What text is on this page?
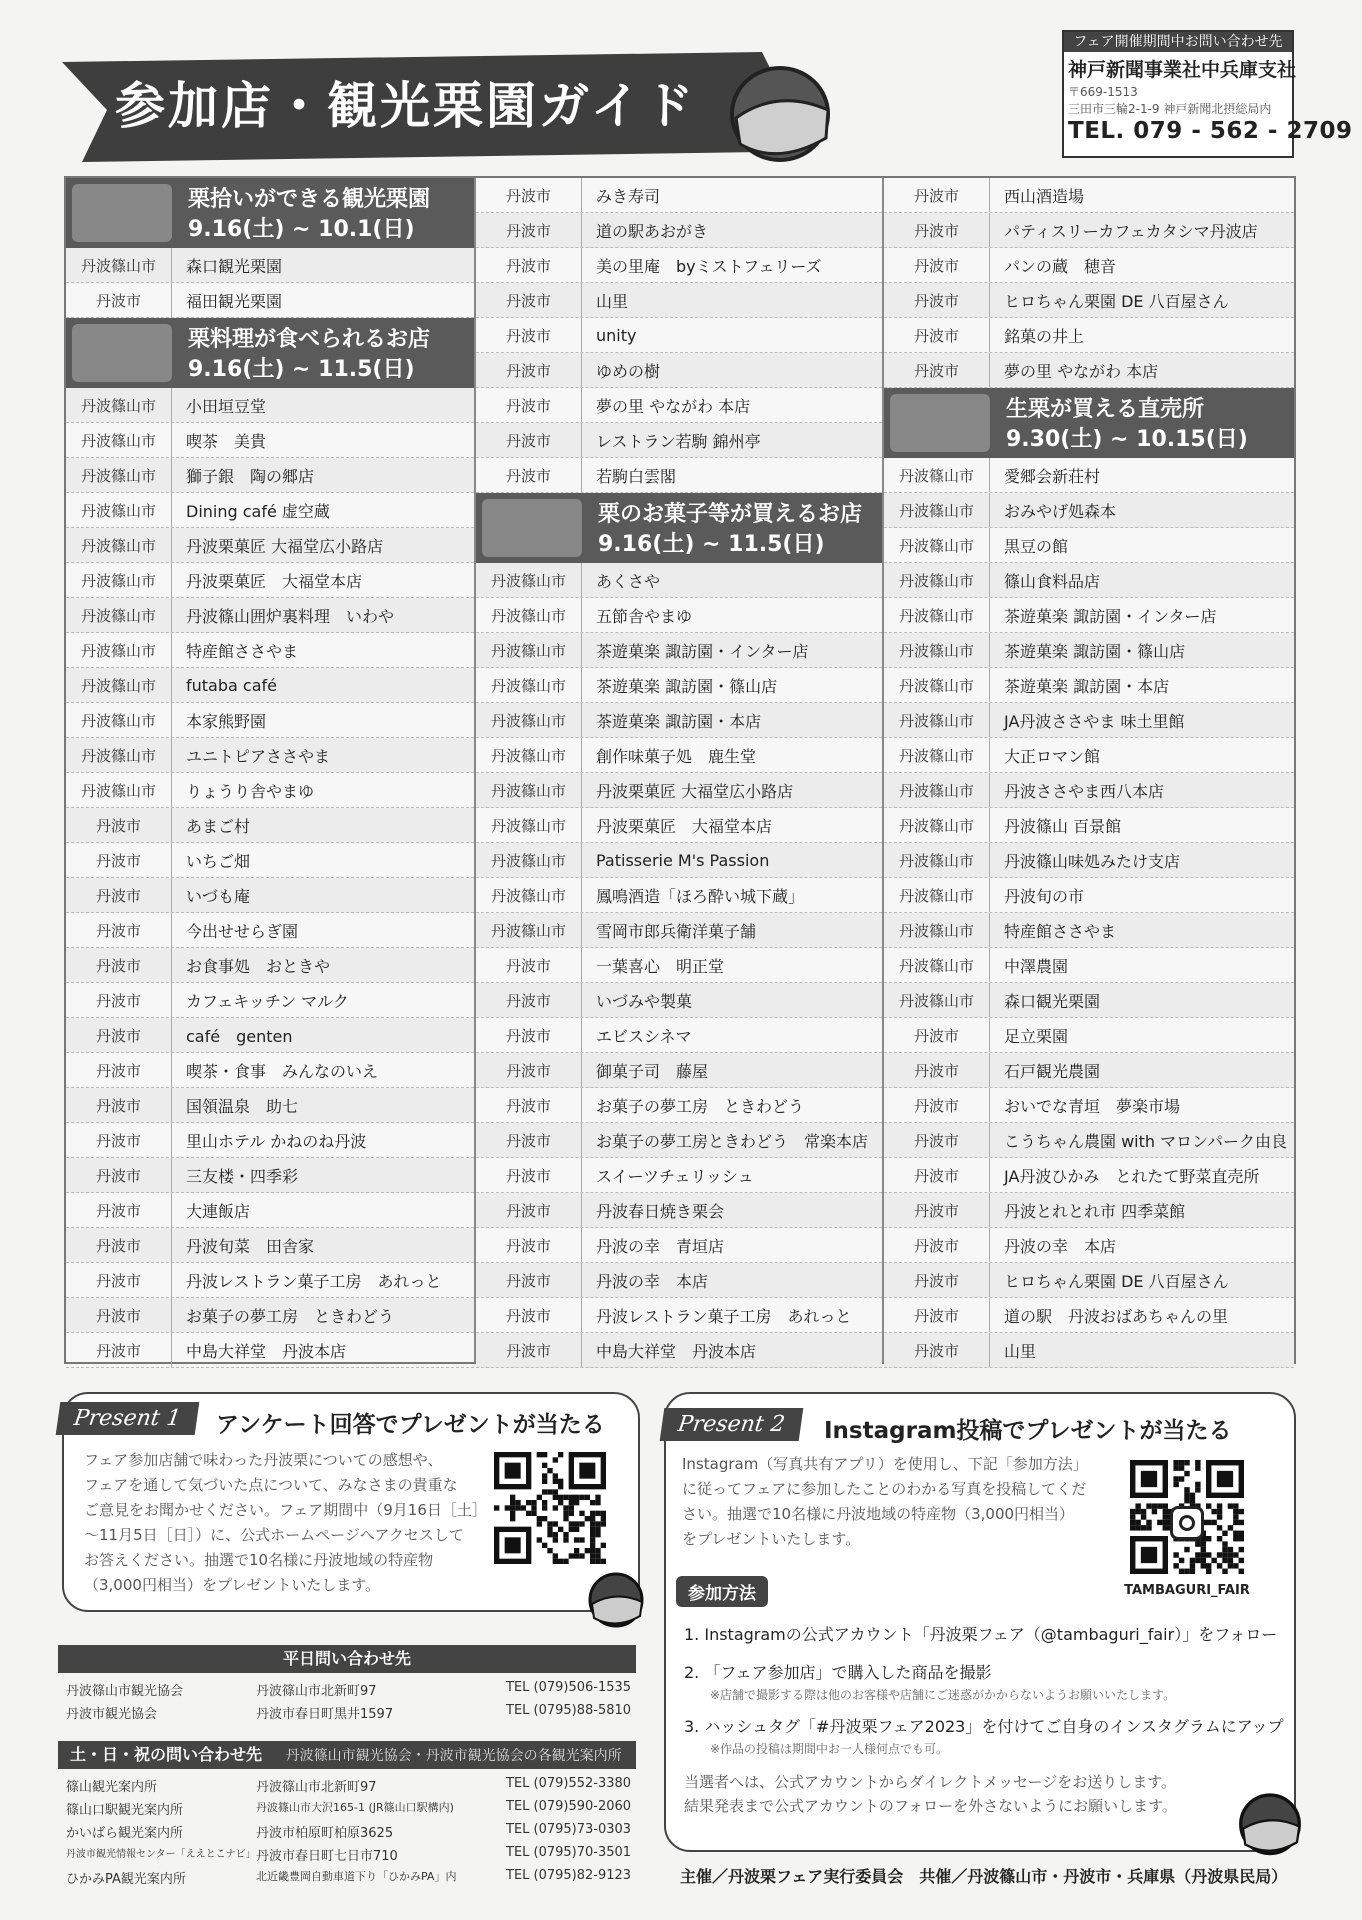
参加店・観光栗園ガイド
フェア開催期間中お問い合わせ先
神戸新聞事業社中兵庫支社
〒669-1513
三田市三輪2-1-9 神戸新聞北摂総局内
TEL. 079 - 562 - 2709
栗拾いができる観光栗園
9.16(土) ~ 10.1(日)
栗料理が食べられるお店
9.16(土) ~ 11.5(日)
丹波篠山市	森口観光栗園
丹波市	福田観光栗園
丹波篠山市	小田垣豆堂
丹波篠山市	喫茶　美貴
丹波篠山市	獅子銀　陶の郷店
丹波篠山市	Dining café 虚空蔵
丹波篠山市	丹波栗菓匠 大福堂広小路店
丹波篠山市	丹波栗菓匠　大福堂本店
丹波篠山市	丹波篠山囲炉裏料理　いわや
丹波篠山市	特産館ささやま
丹波篠山市	futaba café
丹波篠山市	本家熊野園
丹波篠山市	ユニトピアささやま
丹波篠山市	りょうり舎やまゆ
丹波市	あまご村
丹波市	いちご畑
丹波市	いづも庵
丹波市	今出せせらぎ園
丹波市	お食事処　おときや
丹波市	カフェキッチン マルク
丹波市	café　genten
丹波市	喫茶・食事　みんなのいえ
丹波市	国領温泉　助七
丹波市	里山ホテル かねのね丹波
丹波市	三友楼・四季彩
丹波市	大連飯店
丹波市	丹波旬菜　田舎家
丹波市	丹波レストラン菓子工房　あれっと
丹波市	お菓子の夢工房　ときわどう
丹波市	中島大祥堂　丹波本店
栗のお菓子等が買えるお店
9.16(土) ~ 11.5(日)
丹波市	みき寿司
丹波市	道の駅あおがき
丹波市	美の里庵　byミストフェリーズ
丹波市	山里
丹波市	unity
丹波市	ゆめの樹
丹波市	夢の里 やながわ 本店
丹波市	レストラン若駒 錦州亭
丹波市	若駒白雲閣
丹波篠山市	あくさや
丹波篠山市	五節舎やまゆ
丹波篠山市	茶遊菓楽 諏訪園・インター店
丹波篠山市	茶遊菓楽 諏訪園・篠山店
丹波篠山市	茶遊菓楽 諏訪園・本店
丹波篠山市	創作味菓子処　鹿生堂
丹波篠山市	丹波栗菓匠 大福堂広小路店
丹波篠山市	丹波栗菓匠　大福堂本店
丹波篠山市	Patisserie M's Passion
丹波篠山市	鳳鳴酒造「ほろ酔い城下蔵」
丹波篠山市	雪岡市郎兵衛洋菓子舗
丹波市	一葉喜心　明正堂
丹波市	いづみや製菓
丹波市	エビスシネマ
丹波市	御菓子司　藤屋
丹波市	お菓子の夢工房　ときわどう
丹波市	お菓子の夢工房ときわどう　常楽本店
丹波市	スイーツチェリッシュ
丹波市	丹波春日焼き栗会
丹波市	丹波の幸　青垣店
丹波市	丹波の幸　本店
丹波市	丹波レストラン菓子工房　あれっと
丹波市	中島大祥堂　丹波本店
生栗が買える直売所
9.30(土) ~ 10.15(日)
丹波市	西山酒造場
丹波市	パティスリーカフェカタシマ丹波店
丹波市	パンの蔵　穂音
丹波市	ヒロちゃん栗園 DE 八百屋さん
丹波市	銘菓の井上
丹波市	夢の里 やながわ 本店
丹波篠山市	愛郷会新荘村
丹波篠山市	おみやげ処森本
丹波篠山市	黒豆の館
丹波篠山市	篠山食料品店
丹波篠山市	茶遊菓楽 諏訪園・インター店
丹波篠山市	茶遊菓楽 諏訪園・篠山店
丹波篠山市	茶遊菓楽 諏訪園・本店
丹波篠山市	JA丹波ささやま 味土里館
丹波篠山市	大正ロマン館
丹波篠山市	丹波ささやま西八本店
丹波篠山市	丹波篠山 百景館
丹波篠山市	丹波篠山味処みたけ支店
丹波篠山市	丹波旬の市
丹波篠山市	特産館ささやま
丹波篠山市	中澤農園
丹波篠山市	森口観光栗園
丹波市	足立栗園
丹波市	石戸観光農園
丹波市	おいでな青垣　夢楽市場
丹波市	こうちゃん農園 with マロンパーク由良
丹波市	JA丹波ひかみ　とれたて野菜直売所
丹波市	丹波とれとれ市 四季菜館
丹波市	丹波の幸　本店
丹波市	ヒロちゃん栗園 DE 八百屋さん
丹波市	道の駅　丹波おばあちゃんの里
丹波市	山里
Present 1	アンケート回答でプレゼントが当たる
フェア参加店舗で味わった丹波栗についての感想や、
フェアを通して気づいた点について、みなさまの貴重な
ご意見をお聞かせください。フェア期間中（9月16日［土］
～11月5日［日］）に、公式ホームページへアクセスして
お答えください。抽選で10名様に丹波地域の特産物
（3,000円相当）をプレゼントいたします。
平日問い合わせ先
丹波篠山市観光協会	丹波篠山市北新町97	TEL (079)506-1535
丹波市観光協会	丹波市春日町黒井1597	TEL (0795)88-5810
土・日・祝の問い合わせ先 丹波篠山市観光協会・丹波市観光協会の各観光案内所
篠山観光案内所	丹波篠山市北新町97	TEL (079)552-3380
篠山口駅観光案内所	丹波篠山市大沢165-1 (JR篠山口駅構内)	TEL (079)590-2060
かいばら観光案内所	丹波市柏原町柏原3625	TEL (0795)73-0303
丹波市観光情報センター「ええとこナビ」 丹波市春日町七日市710	TEL (0795)70-3501
ひかみPA観光案内所	北近畿豊岡自動車道下り「ひかみPA」内	TEL (0795)82-9123
Present 2	Instagram投稿でプレゼントが当たる
Instagram（写真共有アプリ）を使用し、下記「参加方法」
に従ってフェアに参加したことのわかる写真を投稿してくだ
さい。抽選で10名様に丹波地域の特産物（3,000円相当）
をプレゼントいたします。
TAMBAGURI_FAIR
参加方法
1. Instagramの公式アカウント「丹波栗フェア（@tambaguri_fair）」をフォロー
2. 「フェア参加店」で購入した商品を撮影
※店舗で撮影する際は他のお客様や店舗にご迷惑がかからないようお願いいたします。
3. ハッシュタグ「#丹波栗フェア2023」を付けてご自身のインスタグラムにアップ
※作品の投稿は期間中お一人様何点でも可。
当選者へは、公式アカウントからダイレクトメッセージをお送りします。
結果発表まで公式アカウントのフォローを外さないようにお願いします。
主催／丹波栗フェア実行委員会　共催／丹波篠山市・丹波市・兵庫県（丹波県民局）
